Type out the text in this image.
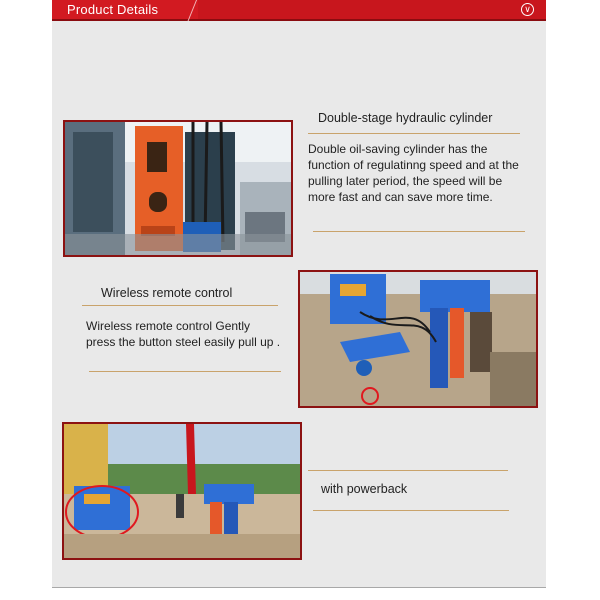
Product Details	∨
Double-stage hydraulic cylinder
Double oil-saving cylinder has the function of regulatinng speed and at the pulling later period, the speed will be more fast and can save more time.
Wireless remote control
Wireless remote control Gently press the button steel easily pull up .
with powerback
